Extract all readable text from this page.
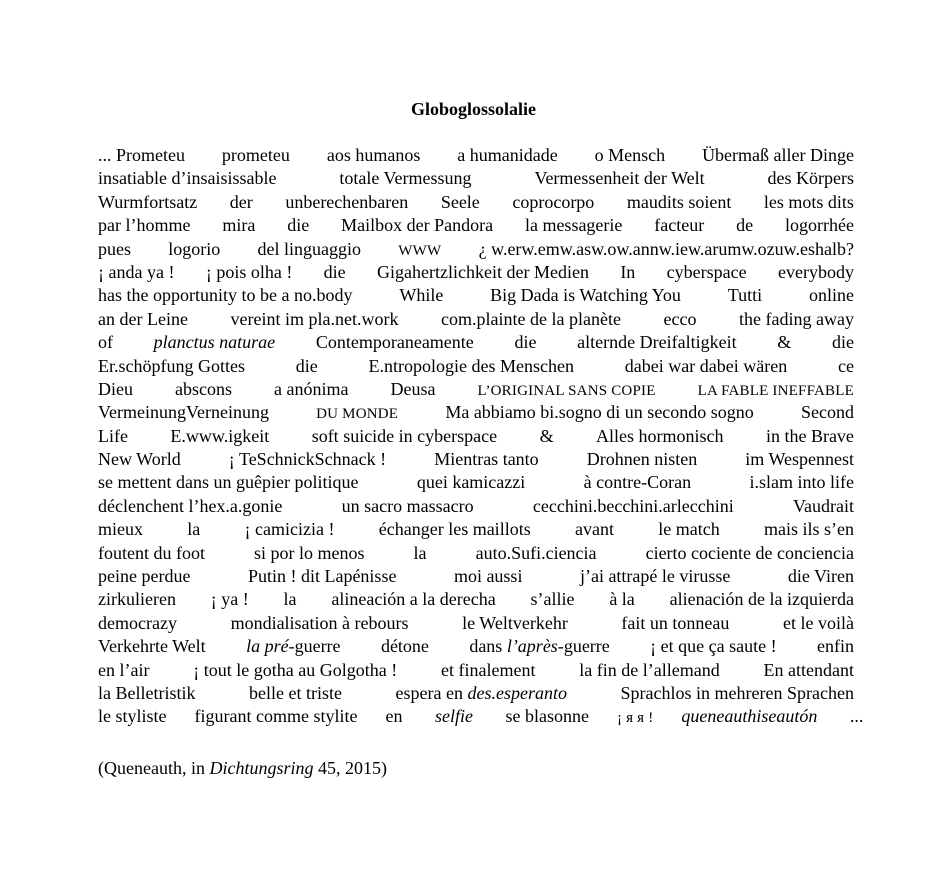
Globoglossolalie
... Prometeu prometeu aos humanos a humanidade o Mensch Übermaß aller Dinge
insatiable d’insaisissable	totale Vermessung	Vermessenheit der Welt	des Körpers
Wurmfortsatz der unberechenbaren Seele coprocorpo maudits soient les mots dits
par l’homme mira die Mailbox der Pandora la messagerie facteur de logorrhée
pues logorio del linguaggio WWW ¿ w.erw.emw.asw.ow.annw.iew.arumw.ozuw.eshalb?
¡ anda ya ! ¡ pois olha ! die Gigahertzlichkeit der Medien In cyberspace everybody
has the opportunity to be a no.body	While	Big Dada is Watching You	Tutti	online
an der Leine vereint im pla.net.work com.plainte de la planète ecco the fading away
of planctus naturae Contemporaneamente die alternde Dreifaltigkeit & die
Er.schöpfung Gottes	die	E.ntropologie des Menschen	dabei war dabei wären	ce
Dieu abscons a anónima Deusa	L’ORIGINAL SANS COPIE	LA FABLE INEFFABLE
VermeinungVerneinung	DU MONDE	Ma abbiamo bi.sogno di un secondo sogno	Second
Life E.www.igkeit soft suicide in cyberspace & Alles hormonisch in the Brave
New World	¡ TeSchnickSchnack !	Mientras tanto	Drohnen nisten	im Wespennest
se mettent dans un guêpier politique	quei kamicazzi	à contre-Coran	i.slam into life
déclenchent l’hex.a.gonie	un sacro massacro	cecchini.becchini.arlecchini	Vaudrait
mieux la ¡ camicizia ! échanger les maillots avant le match mais ils s’en
foutent du foot	si por lo menos	la	auto.Sufi.ciencia	cierto cociente de conciencia
peine perdue	Putin ! dit Lapénisse	moi aussi	j’ai attrapé le virusse	die Viren
zirkulieren ¡ ya ! la alineación a la derecha s’allie à la alienación de la izquierda
democrazy	mondialisation à rebours	le Weltverkehr	fait un tonneau	et le voilà
Verkehrte Welt la pré-guerre détone dans l’après-guerre ¡ et que ça saute ! enfin
en l’air ¡ tout le gotha au Golgotha ! et finalement la fin de l’allemand En attendant
la Belletristik	belle et triste	espera en des.esperanto	Sprachlos in mehreren Sprachen
le styliste figurant comme stylite en selfie se blasonne ¡ я я ! queneauthiseautón ...
(Queneauth, in Dichtungsring 45, 2015)
